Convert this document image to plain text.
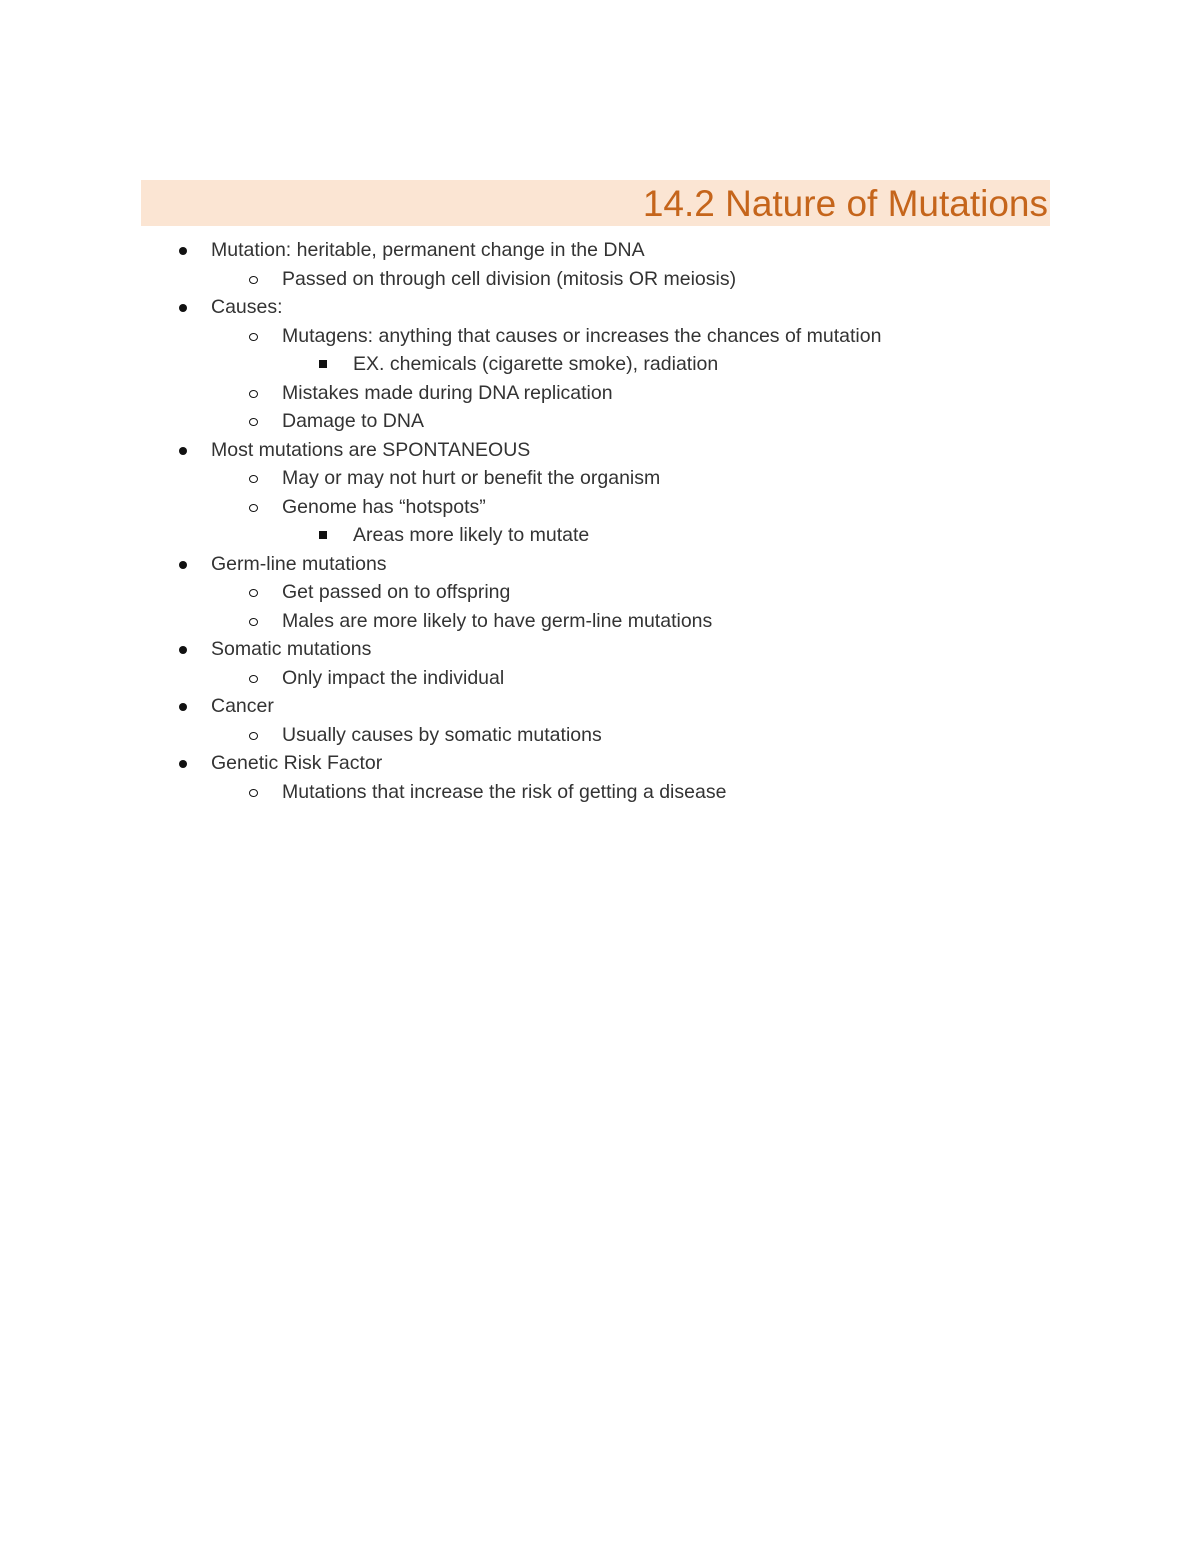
14.2 Nature of Mutations
Mutation: heritable, permanent change in the DNA
Passed on through cell division (mitosis OR meiosis)
Causes:
Mutagens: anything that causes or increases the chances of mutation
EX. chemicals (cigarette smoke), radiation
Mistakes made during DNA replication
Damage to DNA
Most mutations are SPONTANEOUS
May or may not hurt or benefit the organism
Genome has “hotspots”
Areas more likely to mutate
Germ-line mutations
Get passed on to offspring
Males are more likely to have germ-line mutations
Somatic mutations
Only impact the individual
Cancer
Usually causes by somatic mutations
Genetic Risk Factor
Mutations that increase the risk of getting a disease
